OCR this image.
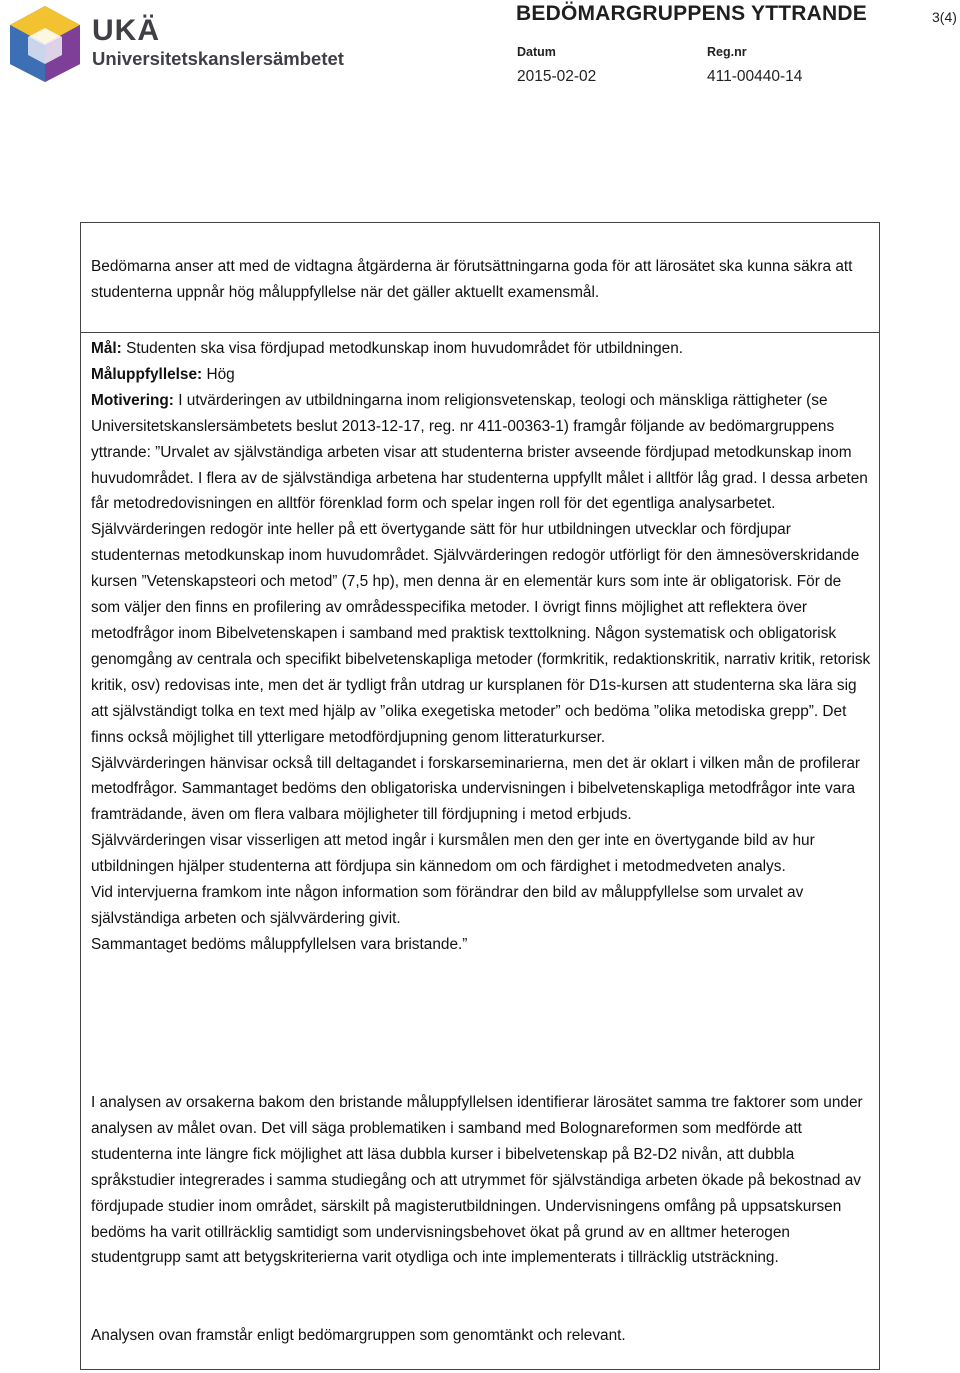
UKÄ
Universitetskanslersämbetet
BEDÖMARGRUPPENS YTTRANDE	3(4)
Datum
2015-02-02
Reg.nr
411-00440-14

Bedömarna anser att med de vidtagna åtgärderna är förutsättningarna goda för att lärosätet ska kunna säkra att studenterna uppnår hög måluppfyllelse när det gäller aktuellt examensmål.

Mål: Studenten ska visa fördjupad metodkunskap inom huvudområdet för utbildningen.

Måluppfyllelse: Hög

Motivering: I utvärderingen av utbildningarna inom religionsvetenskap, teologi och mänskliga rättigheter (se Universitetskanslersämbetets beslut 2013-12-17, reg. nr 411-00363-1) framgår följande av bedömargruppens yttrande: ”Urvalet av självständiga arbeten visar att studenterna brister avseende fördjupad metodkunskap inom huvudområdet. I flera av de självständiga arbetena har studenterna uppfyllt målet i alltför låg grad. I dessa arbeten får metodredovisningen en alltför förenklad form och spelar ingen roll för det egentliga analysarbetet.

Självvärderingen redogör inte heller på ett övertygande sätt för hur utbildningen utvecklar och fördjupar studenternas metodkunskap inom huvudområdet. Självvärderingen redogör utförligt för den ämnesöverskridande kursen ”Vetenskapsteori och metod” (7,5 hp), men denna är en elementär kurs som inte är obligatorisk. För de som väljer den finns en profilering av områdesspecifika metoder. I övrigt finns möjlighet att reflektera över metodfrågor inom Bibelvetenskapen i samband med praktisk texttolkning. Någon systematisk och obligatorisk genomgång av centrala och specifikt bibelvetenskapliga metoder (formkritik, redaktionskritik, narrativ kritik, retorisk kritik, osv) redovisas inte, men det är tydligt från utdrag ur kursplanen för D1s-kursen att studenterna ska lära sig att självständigt tolka en text med hjälp av ”olika exegetiska metoder” och bedöma ”olika metodiska grepp”. Det finns också möjlighet till ytterligare metodfördjupning genom litteraturkurser.

Självvärderingen hänvisar också till deltagandet i forskarseminarierna, men det är oklart i vilken mån de profilerar metodfrågor. Sammantaget bedöms den obligatoriska undervisningen i bibelvetenskapliga metodfrågor inte vara framträdande, även om flera valbara möjligheter till fördjupning i metod erbjuds.

Självvärderingen visar visserligen att metod ingår i kursmålen men den ger inte en övertygande bild av hur utbildningen hjälper studenterna att fördjupa sin kännedom om och färdighet i metodmedveten analys.

Vid intervjuerna framkom inte någon information som förändrar den bild av måluppfyllelse som urvalet av självständiga arbeten och självvärdering givit.

Sammantaget bedöms måluppfyllelsen vara bristande.”

I analysen av orsakerna bakom den bristande måluppfyllelsen identifierar lärosätet samma tre faktorer som under analysen av målet ovan. Det vill säga problematiken i samband med Bolognareformen som medförde att studenterna inte längre fick möjlighet att läsa dubbla kurser i bibelvetenskap på B2-D2 nivån, att dubbla språkstudier integrerades i samma studiegång och att utrymmet för självständiga arbeten ökade på bekostnad av fördjupade studier inom området, särskilt på magisterutbildningen. Undervisningens omfång på uppsatskursen bedöms ha varit otillräcklig samtidigt som undervisningsbehovet ökat på grund av en alltmer heterogen studentgrupp samt att betygskriterierna varit otydliga och inte implementerats i tillräcklig utsträckning.

Analysen ovan framstår enligt bedömargruppen som genomtänkt och relevant.
